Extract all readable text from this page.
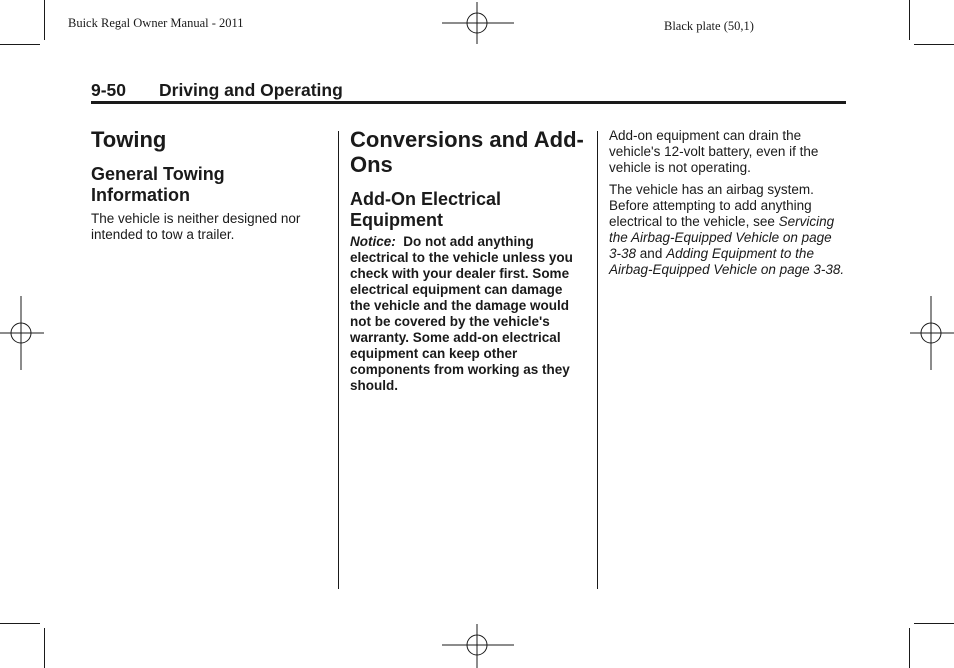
Buick Regal Owner Manual - 2011	Black plate (50,1)
9-50 Driving and Operating
Towing
General Towing Information

The vehicle is neither designed nor intended to tow a trailer.

Conversions and Add-Ons
Add-On Electrical Equipment

Notice: Do not add anything electrical to the vehicle unless you check with your dealer first. Some electrical equipment can damage the vehicle and the damage would not be covered by the vehicle's warranty. Some add-on electrical equipment can keep other components from working as they should.

Add-on equipment can drain the vehicle's 12-volt battery, even if the vehicle is not operating.

The vehicle has an airbag system. Before attempting to add anything electrical to the vehicle, see Servicing the Airbag-Equipped Vehicle on page 3-38 and Adding Equipment to the Airbag-Equipped Vehicle on page 3-38.
